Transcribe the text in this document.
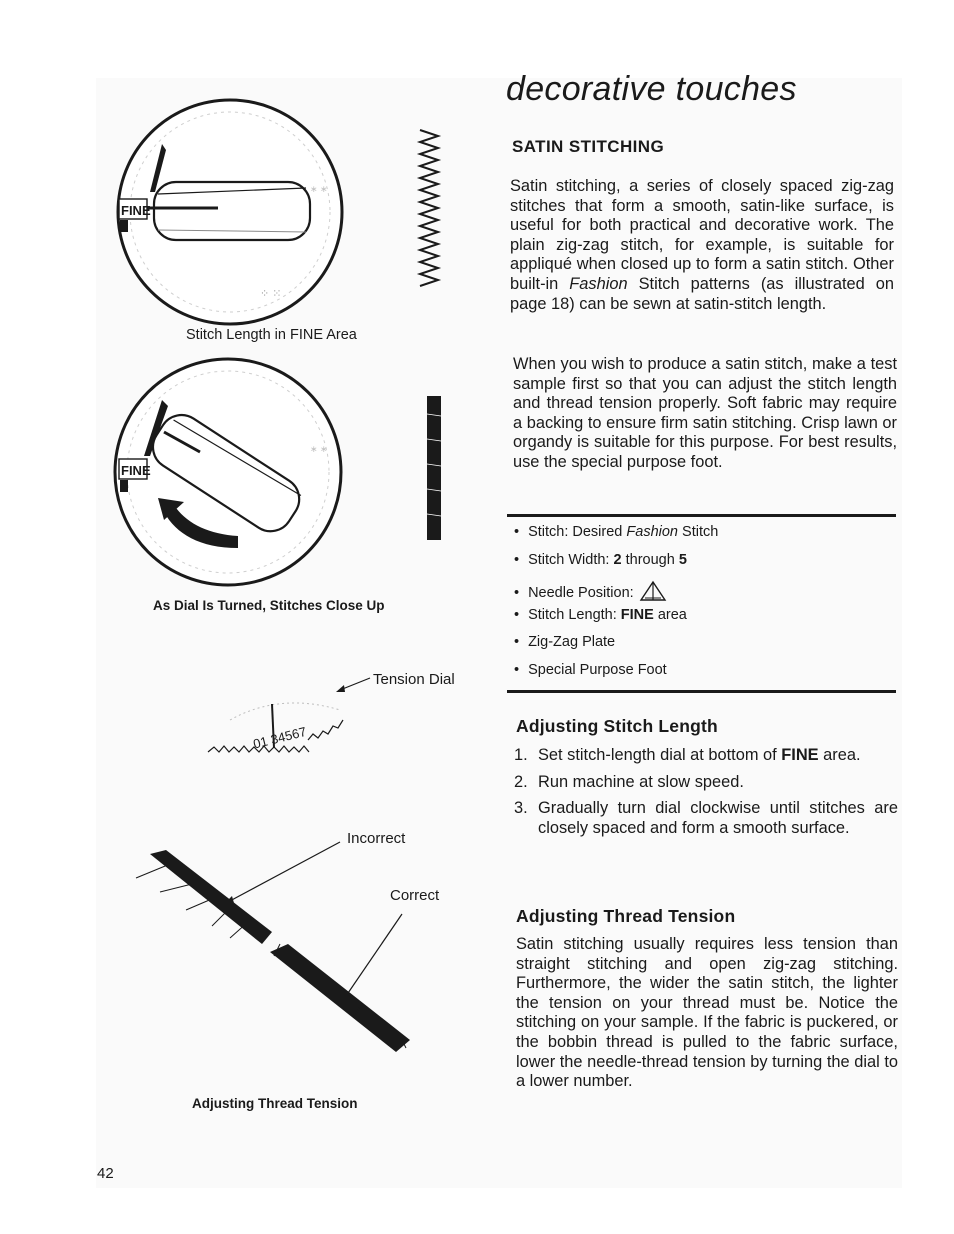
decorative touches
SATIN STITCHING

Satin stitching, a series of closely spaced zig-zag stitches that form a smooth, satin-like surface, is useful for both practical and decorative work. The plain zig-zag stitch, for example, is suitable for appliqué when closed up to form a satin stitch. Other built-in Fashion Stitch patterns (as illustrated on page 18) can be sewn at satin-stitch length.

When you wish to produce a satin stitch, make a test sample first so that you can adjust the stitch length and thread tension properly. Soft fabric may require a backing to ensure firm satin stitching. Crisp lawn or organdy is suitable for this purpose. For best results, use the special purpose foot.

• Stitch: Desired Fashion Stitch
• Stitch Width: 2 through 5
• Needle Position:
• Stitch Length: FINE area
• Zig-Zag Plate
• Special Purpose Foot
Adjusting Stitch Length
1. Set stitch-length dial at bottom of FINE area.
2. Run machine at slow speed.
3. Gradually turn dial clockwise until stitches are closely spaced and form a smooth surface.
Adjusting Thread Tension

Satin stitching usually requires less tension than straight stitching and open zig-zag stitching. Furthermore, the wider the satin stitch, the lighter the tension on your thread must be. Notice the stitching on your sample. If the fabric is puckered, or the bobbin thread is pulled to the fabric surface, lower the needle-thread tension by turning the dial to a lower number.

FINE
∗ ∗
⁘ ⁙
Stitch Length in FINE Area
FINE
∗ ∗
As Dial Is Turned, Stitches Close Up
Tension Dial
01 34567
Incorrect
Correct
Adjusting Thread Tension
42
